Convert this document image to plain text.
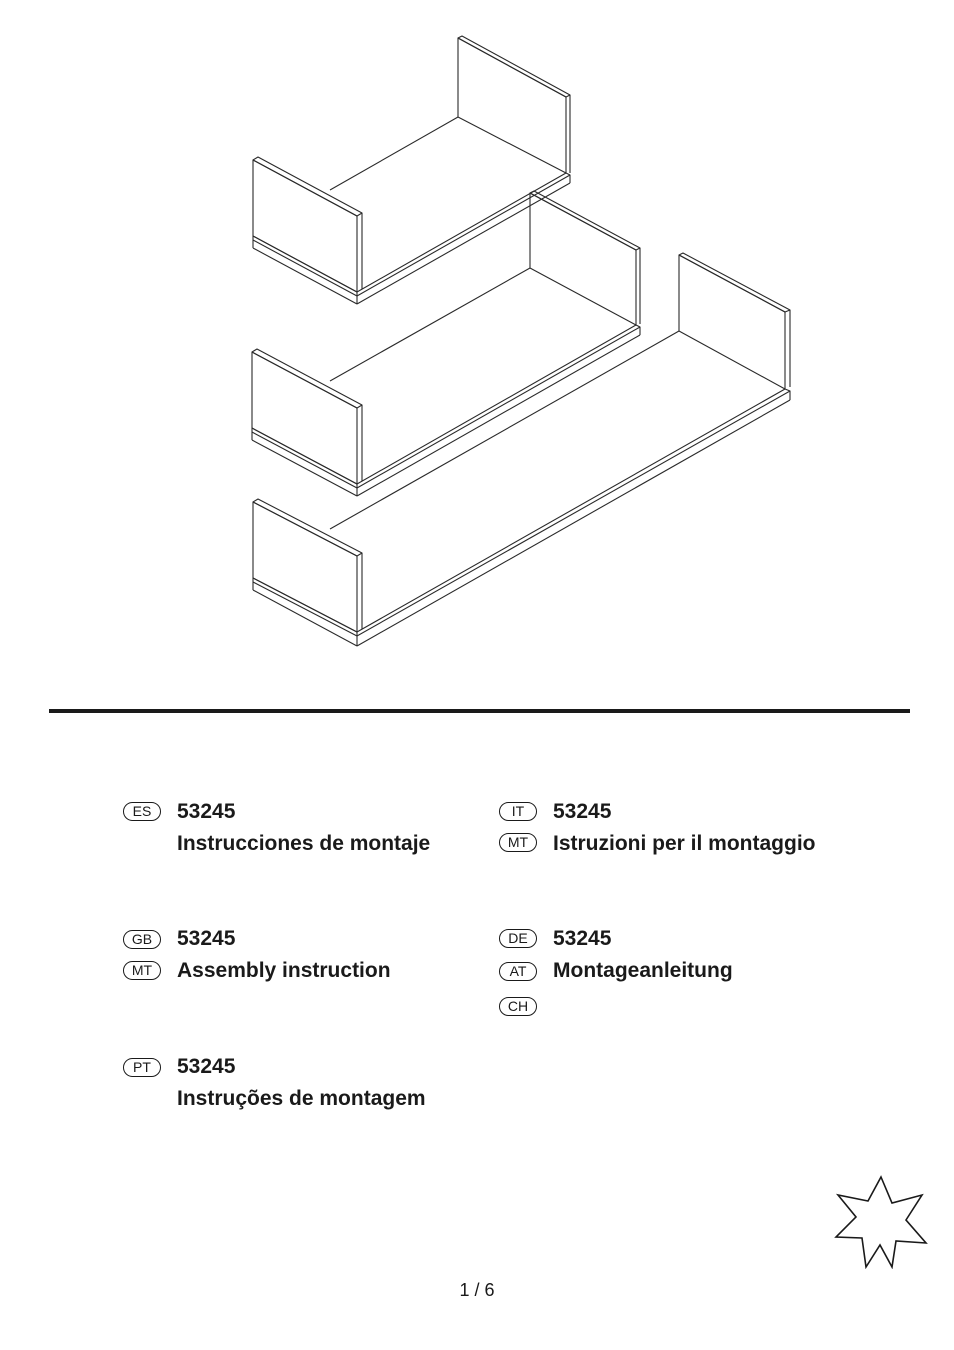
ES	53245
Instrucciones de montaje
IT
MT
53245
Istruzioni per il montaggio
GB
MT
53245
Assembly instruction
DE
AT
CH
53245
Montageanleitung
PT	53245
Instruções de montagem
1 / 6
